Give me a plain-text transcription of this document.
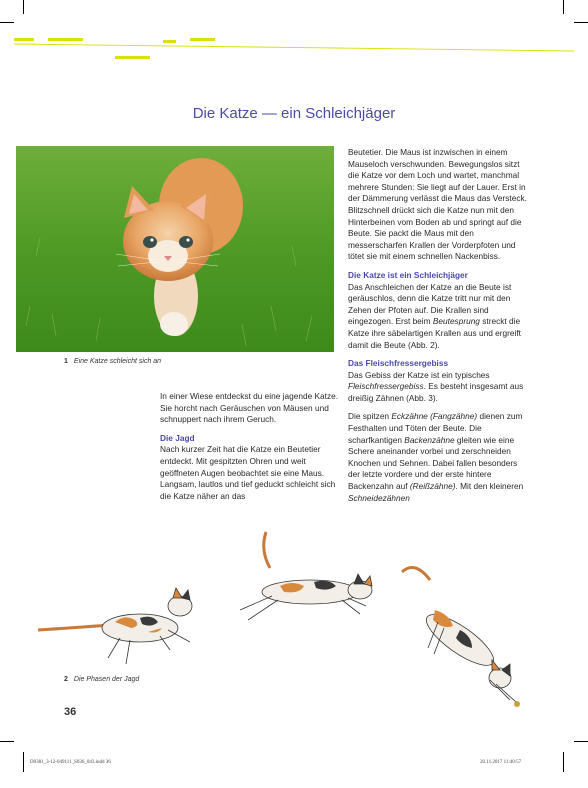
Die Katze — ein Schleichjäger
1 Eine Katze schleicht sich an

In einer Wiese entdeckst du eine jagende Katze. Sie horcht nach Geräuschen von Mäusen und schnuppert nach ihrem Geruch.

Die Jagd

Nach kurzer Zeit hat die Katze ein Beutetier entdeckt. Mit gespitzten Ohren und weit geöffneten Augen beobachtet sie eine Maus. Langsam, lautlos und tief geduckt schleicht sich die Katze näher an das

Beutetier. Die Maus ist inzwischen in einem Mauseloch verschwunden. Bewegungslos sitzt die Katze vor dem Loch und wartet, manchmal mehrere Stunden: Sie liegt auf der Lauer. Erst in der Dämmerung verlässt die Maus das Versteck. Blitzschnell drückt sich die Katze nun mit den Hinterbeinen vom Boden ab und springt auf die Beute. Sie packt die Maus mit den messerscharfen Krallen der Vorderpfoten und tötet sie mit einem schnellen Nackenbiss.

Die Katze ist ein Schleichjäger

Das Anschleichen der Katze an die Beute ist geräuschlos, denn die Katze tritt nur mit den Zehen der Pfoten auf. Die Krallen sind eingezogen. Erst beim Beutesprung streckt die Katze ihre säbelartigen Krallen aus und ergreift damit die Beute (Abb. 2).

Das Fleischfressergebiss

Das Gebiss der Katze ist ein typisches Fleischfressergebiss. Es besteht insgesamt aus dreißig Zähnen (Abb. 3).

Die spitzen Eckzähne (Fangzähne) dienen zum Festhalten und Töten der Beute. Die scharfkantigen Backenzähne gleiten wie eine Schere aneinander vorbei und zerschneiden Knochen und Sehnen. Dabei fallen besonders der letzte vordere und der erste hintere Backenzahn auf (Reißzähne). Mit den kleineren Schneidezähnen

2 Die Phasen der Jagd
36
D0381_3-12-049111_S036_043.indd 36	20.11.2017 11:40:57
